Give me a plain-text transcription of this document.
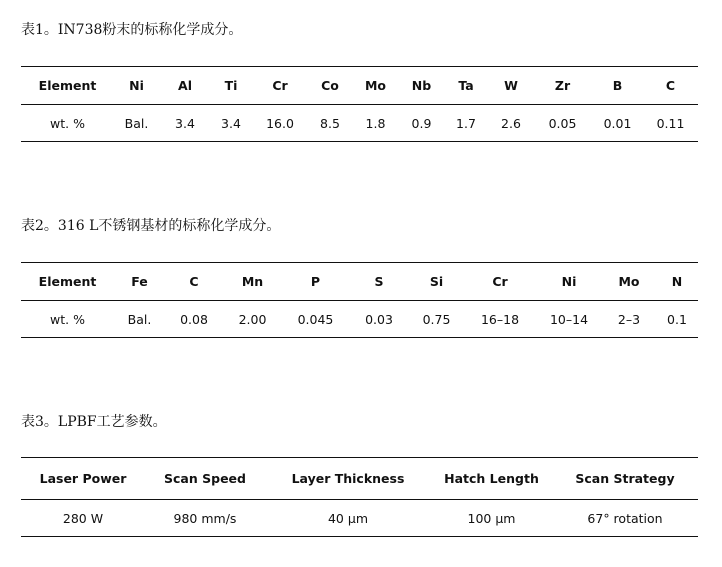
表1。IN738粉末的标称化学成分。
Element	Ni	Al	Ti	Cr	Co	Mo	Nb	Ta	W	Zr	B	C
wt. %	Bal.	3.4	3.4	16.0	8.5	1.8	0.9	1.7	2.6	0.05	0.01	0.11
表2。316 L不锈钢基材的标称化学成分。
Element	Fe	C	Mn	P	S	Si	Cr	Ni	Mo	N
wt. %	Bal.	0.08	2.00	0.045	0.03	0.75	16–18	10–14	2–3	0.1
表3。LPBF工艺参数。
Laser Power	Scan Speed	Layer Thickness	Hatch Length	Scan Strategy
280 W	980 mm/s	40 μm	100 μm	67° rotation
